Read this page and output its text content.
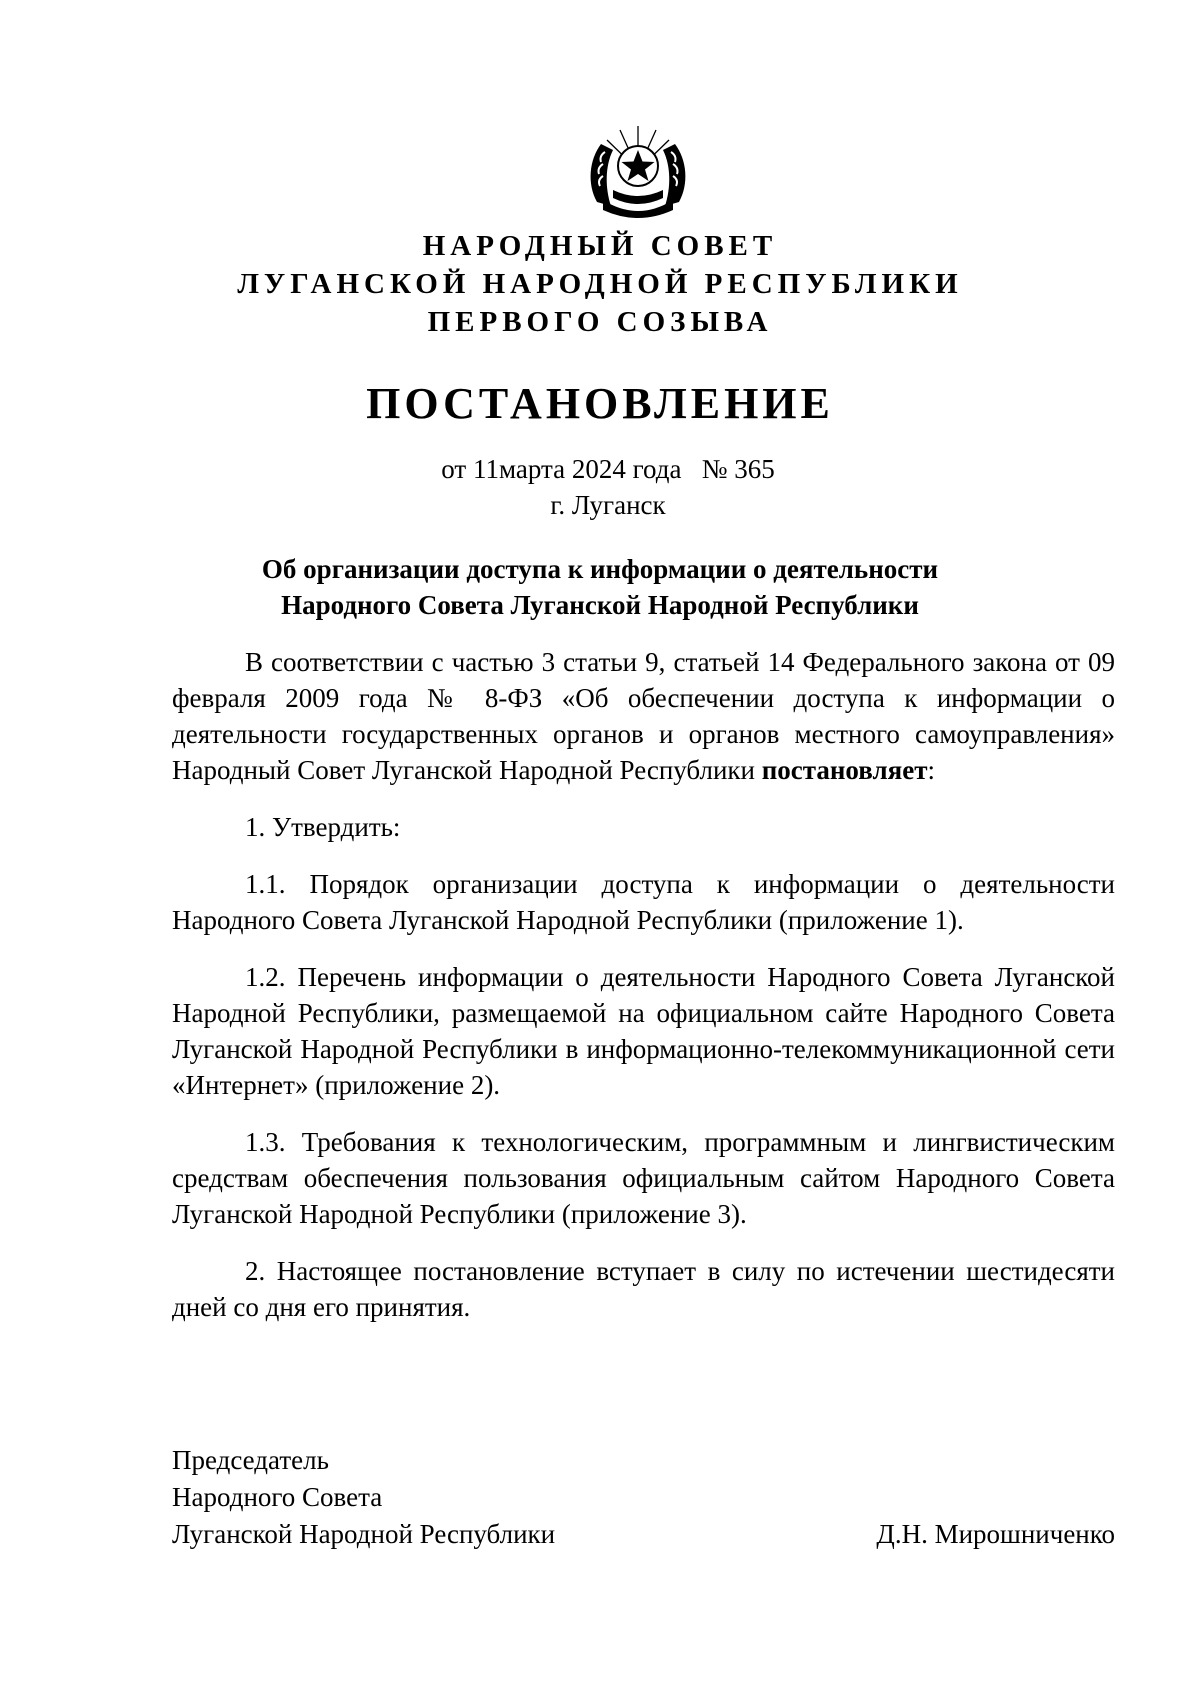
НАРОДНЫЙ СОВЕТ
ЛУГАНСКОЙ НАРОДНОЙ РЕСПУБЛИКИ
ПЕРВОГО СОЗЫВА
ПОСТАНОВЛЕНИЕ
от 11марта 2024 года   № 365
г. Луганск
Об организации доступа к информации о деятельности
Народного Совета Луганской Народной Республики

В соответствии с частью 3 статьи 9, статьей 14 Федерального закона от 09 февраля 2009 года № 8-ФЗ «Об обеспечении доступа к информации о деятельности государственных органов и органов местного самоуправления» Народный Совет Луганской Народной Республики постановляет:

1. Утвердить:

1.1. Порядок организации доступа к информации о деятельности Народного Совета Луганской Народной Республики (приложение 1).

1.2. Перечень информации о деятельности Народного Совета Луганской Народной Республики, размещаемой на официальном сайте Народного Совета Луганской Народной Республики в информационно-телекоммуникационной сети «Интернет» (приложение 2).

1.3. Требования к технологическим, программным и лингвистическим средствам обеспечения пользования официальным сайтом Народного Совета Луганской Народной Республики (приложение 3).

2. Настоящее постановление вступает в силу по истечении шестидесяти дней со дня его принятия.

Председатель
Народного Совета
Луганской Народной Республики	Д.Н. Мирошниченко
